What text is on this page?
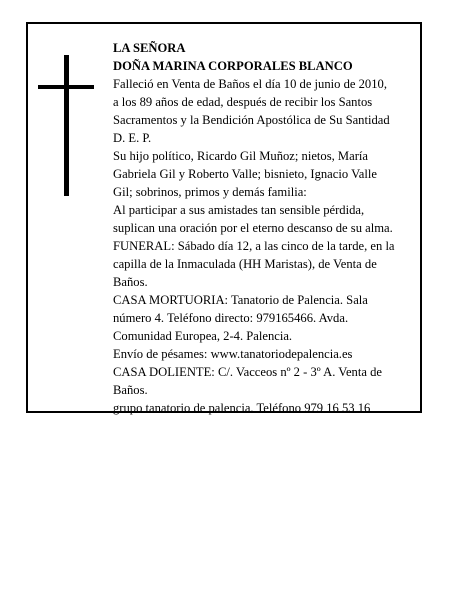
LA SEÑORA
DOÑA MARINA CORPORALES BLANCO
Falleció en Venta de Baños el día 10 de junio de 2010,
a los 89 años de edad, después de recibir los Santos
Sacramentos y la Bendición Apostólica de Su Santidad
D. E. P.
Su hijo político, Ricardo Gil Muñoz; nietos, María
Gabriela Gil y Roberto Valle; bisnieto, Ignacio Valle
Gil; sobrinos, primos y demás familia:
Al participar a sus amistades tan sensible pérdida,
suplican una oración por el eterno descanso de su alma.
FUNERAL: Sábado día 12, a las cinco de la tarde, en la
capilla de la Inmaculada (HH Maristas), de Venta de
Baños.
CASA MORTUORIA: Tanatorio de Palencia. Sala
número 4. Teléfono directo: 979165466. Avda.
Comunidad Europea, 2-4. Palencia.
Envío de pésames: www.tanatoriodepalencia.es
CASA DOLIENTE: C/. Vacceos nº 2 - 3º A. Venta de
Baños.
grupo tanatorio de palencia. Teléfono 979 16 53 16
